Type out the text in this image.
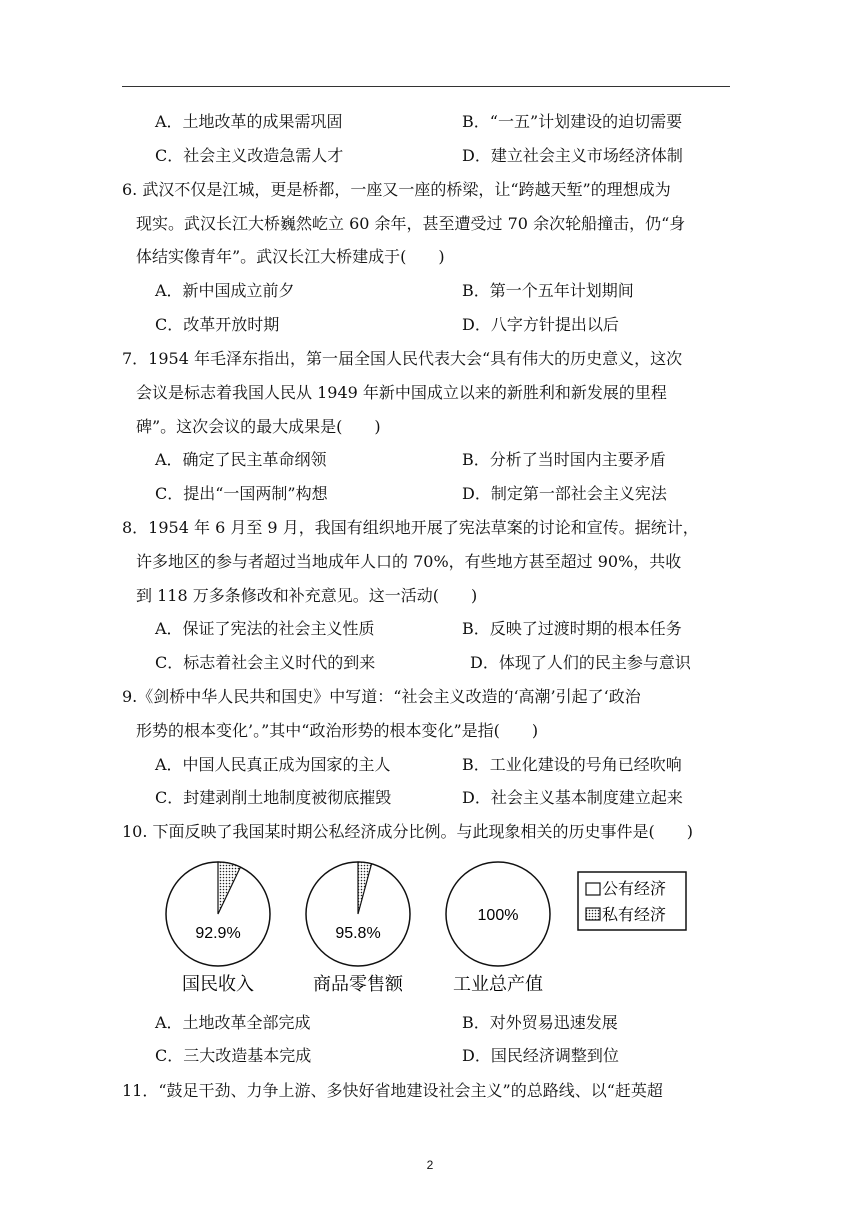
A．土地改革的成果需巩固	B．“一五”计划建设的迫切需要
C．社会主义改造急需人才	D．建立社会主义市场经济体制
6. 武汉不仅是江城，更是桥都，一座又一座的桥梁，让“跨越天堑”的理想成为
现实。武汉长江大桥巍然屹立 60 余年，甚至遭受过 70 余次轮船撞击，仍“身
体结实像青年”。武汉长江大桥建成于(　　)
A．新中国成立前夕	B．第一个五年计划期间
C．改革开放时期	D．八字方针提出以后
7．1954 年毛泽东指出，第一届全国人民代表大会“具有伟大的历史意义，这次
会议是标志着我国人民从 1949 年新中国成立以来的新胜利和新发展的里程
碑”。这次会议的最大成果是(　　)
A．确定了民主革命纲领	B．分析了当时国内主要矛盾
C．提出“一国两制”构想	D．制定第一部社会主义宪法
8．1954 年 6 月至 9 月，我国有组织地开展了宪法草案的讨论和宣传。据统计，
许多地区的参与者超过当地成年人口的 70%，有些地方甚至超过 90%，共收
到 118 万多条修改和补充意见。这一活动(　　)
A．保证了宪法的社会主义性质	B．反映了过渡时期的根本任务
C．标志着社会主义时代的到来	D．体现了人们的民主参与意识
9.《剑桥中华人民共和国史》中写道：“社会主义改造的‘高潮’引起了‘政治
形势的根本变化’。”其中“政治形势的根本变化”是指(　　)
A．中国人民真正成为国家的主人	B．工业化建设的号角已经吹响
C．封建剥削土地制度被彻底摧毁	D．社会主义基本制度建立起来
10. 下面反映了我国某时期公私经济成分比例。与此现象相关的历史事件是(　　)
92.9%
国民收入
95.8%
商品零售额
100%
工业总产值
公有经济
私有经济
A．土地改革全部完成	B．对外贸易迅速发展
C．三大改造基本完成	D．国民经济调整到位
11．“鼓足干劲、力争上游、多快好省地建设社会主义”的总路线、以“赶英超
2
